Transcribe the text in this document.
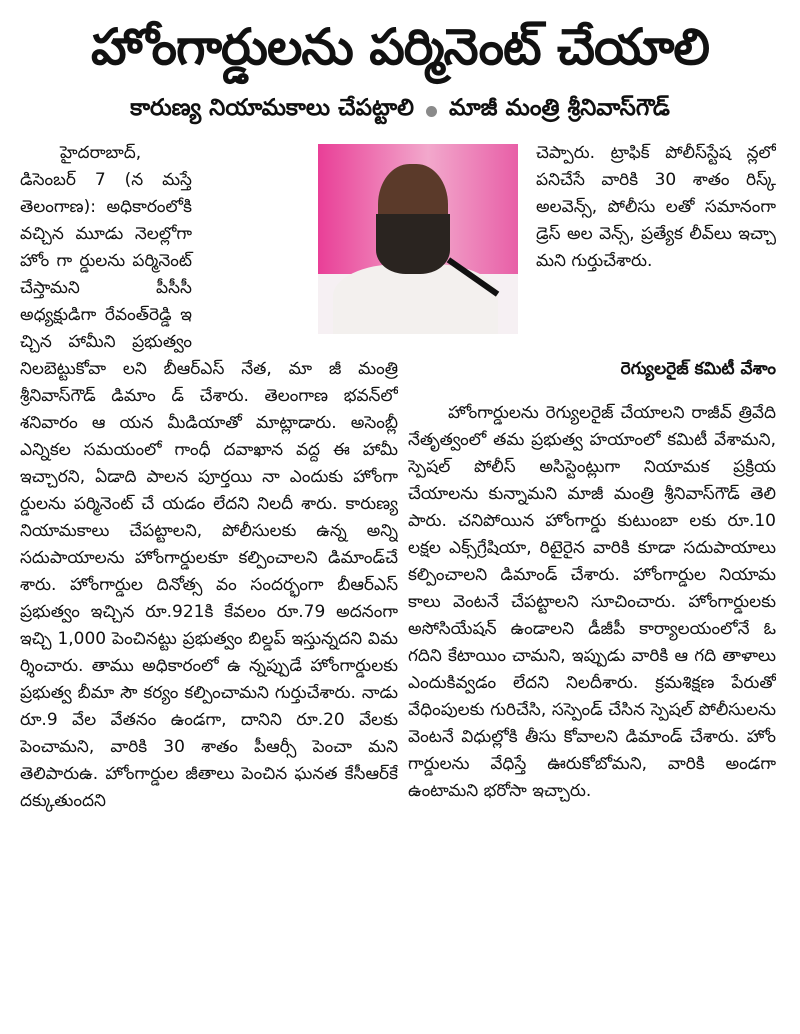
హోంగార్డులను పర్మినెంట్ చేయాలి
కారుణ్య నియామకాలు చేపట్టాలి మాజీ మంత్రి శ్రీనివాస్‌గౌడ్

హైదరాబాద్, డిసెంబర్ 7 (న మస్తే తెలంగాణ): అధికారంలోకి వచ్చిన మూడు నెలల్లోగా హోం గా ర్డులను పర్మినెంట్ చేస్తామని పీసీసీ అధ్యక్షుడిగా రేవంత్‌రెడ్డి ఇ చ్చిన హామీని ప్రభుత్వం నిలబెట్టుకోవా లని బీఆర్‌ఎస్ నేత, మా జీ మంత్రి శ్రీనివాస్‌గౌడ్ డిమాం డ్ చేశారు. తెలంగాణ భవన్‌లో శనివారం ఆ యన మీడియాతో మాట్లాడారు. అసెంబ్లీ ఎన్నికల సమయంలో గాంధీ దవాఖాన వద్ద ఈ హామీ ఇచ్చారని, ఏడాది పాలన పూర్తయి నా ఎందుకు హోంగా ర్డులను పర్మినెంట్ చే యడం లేదని నిలదీ శారు. కారుణ్య నియామకాలు చేపట్టాలని, పోలీసులకు ఉన్న అన్ని సదుపాయాలను హోంగార్డులకూ కల్పించాలని డిమాండ్‌చే శారు. హోంగార్డుల దినోత్స వం సందర్భంగా బీఆర్‌ఎస్ ప్రభుత్వం ఇచ్చిన రూ.921కి కేవలం రూ.79 అదనంగా ఇచ్చి 1,000 పెంచినట్టు ప్రభుత్వం బిల్డప్ ఇస్తున్నదని విమ ర్శించారు. తాము అధికారంలో ఉ న్నప్పుడే హోంగార్డులకు ప్రభుత్వ బీమా సౌ కర్యం కల్పించామని గుర్తుచేశారు. నాడు రూ.9 వేల వేతనం ఉండగా, దానిని రూ.20 వేలకు పెంచామని, వారికి 30 శాతం పీఆర్సీ పెంచా మని తెలిపారుఉ. హోంగార్డుల జీతాలు పెంచిన ఘనత కేసీఆర్‌కే దక్కుతుందని

చెప్పారు. ట్రాఫిక్ పోలీస్‌స్టేష న్లలో పనిచేసే వారికి 30 శాతం రిస్క్ అలవెన్స్, పోలీసు లతో సమానంగా డ్రెస్ అల వెన్స్, ప్రత్యేక లీవ్‌లు ఇచ్చా మని గుర్తుచేశారు.

రెగ్యులరైజ్ కమిటీ వేశాం

హోంగార్డులను రెగ్యులరైజ్ చేయాలని రాజీవ్ త్రివేది నేతృత్వంలో తమ ప్రభుత్వ హయాంలో కమిటీ వేశామని, స్పెషల్ పోలీస్ అసిస్టెంట్లుగా నియామక ప్రక్రియ చేయాలను కున్నామని మాజీ మంత్రి శ్రీనివాస్‌గౌడ్ తెలి పారు. చనిపోయిన హోంగార్డు కుటుంబా లకు రూ.10 లక్షల ఎక్స్‌గ్రేషియా, రిటైరైన వారికి కూడా సదుపాయాలు కల్పించాలని డిమాండ్ చేశారు. హోంగార్డుల నియామ కాలు వెంటనే చేపట్టాలని సూచించారు. హోంగార్డులకు అసోసియేషన్ ఉండాలని డీజీపీ కార్యాలయంలోనే ఓ గదిని కేటాయిం చామని, ఇప్పుడు వారికి ఆ గది తాళాలు ఎందుకివ్వడం లేదని నిలదీశారు. క్రమశిక్షణ పేరుతో వేధింపులకు గురిచేసి, సస్పెండ్ చేసిన స్పెషల్ పోలీసులను వెంటనే విధుల్లోకి తీసు కోవాలని డిమాండ్ చేశారు. హోం గార్డులను వేధిస్తే ఊరుకోబోమని, వారికి అండగా ఉంటామని భరోసా ఇచ్చారు.
